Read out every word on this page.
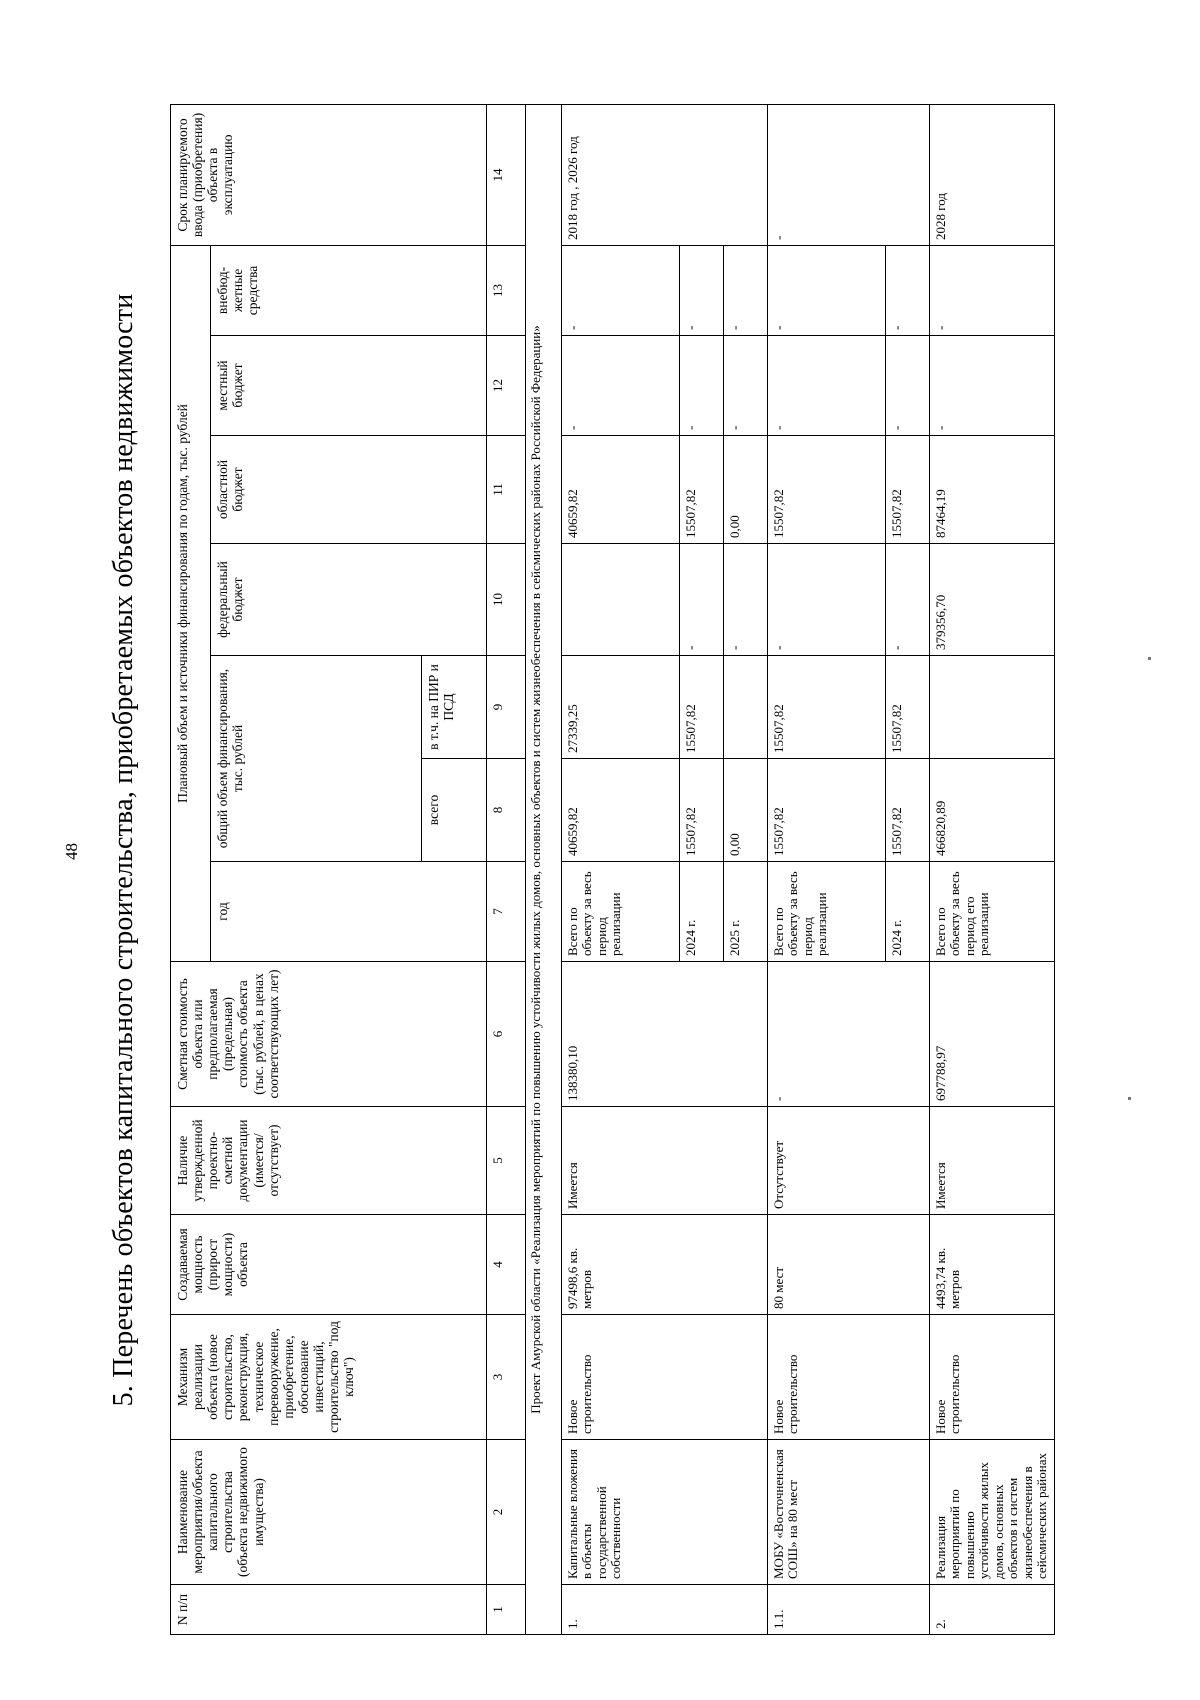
48 5. Перечень объектов капитального строительства, приобретаемых объектов недвижимости
N п/п	Наименование мероприятия/объекта капитального строительства (объекта недвижимого имущества)	Механизм реализации объекта (новое строительство, реконструкция, техническое перевооружение, приобретение, обоснование инвестиций, строительство "под ключ")	Создаваемая мощность (прирост мощности) объекта	Наличие утвержденной проектно-сметной документации (имеется/ отсутствует)	Сметная стоимость объекта или предполагаемая (предельная) стоимость объекта (тыс. рублей, в ценах соответствующих лет)	Плановый объем и источники финансирования по годам, тыс. рублей							Срок планируемого ввода (приобретения) объекта в эксплуатацию
						год	общий объем финансирования, тыс. рублей		федеральный бюджет	областной бюджет	местный бюджет	внебюд-жетные средства	
							всего	в т.ч. на ПИР и ПСД					
1	2	3	4	5	6	7	8	9	10	11	12	13	14
Проект Амурской области «Реализация мероприятий по повышению устойчивости жилых домов, основных объектов и систем жизнеобеспечения в сейсмических районах Российской Федерации»													
1.	Капитальные вложения в объекты государственной собственности	Новое строительство	97498,6 кв. метров	Имеется	138380,10	Всего по объекту за весь период реализации	40659,82	27339,25		40659,82	-	-	2018 год , 2026 год
						2024 г.	15507,82	15507,82	-	15507,82	-	-	
						2025 г.	0,00		-	0,00	-	-	
1.1.	МОБУ «Восточненская СОШ» на 80 мест	Новое строительство	80 мест	Отсутствует	-	Всего по объекту за весь период реализации	15507,82	15507,82	-	15507,82	-	-	-
						2024 г.	15507,82	15507,82	-	15507,82	-	-	
2.	Реализация мероприятий по повышению устойчивости жилых домов, основных объектов и систем жизнеобеспечения в сейсмических районах	Новое строительство	4493,74 кв. метров	Имеется	697788,97	Всего по объекту за весь период его реализации	466820,89		379356,70	87464,19	-	-	2028 год
